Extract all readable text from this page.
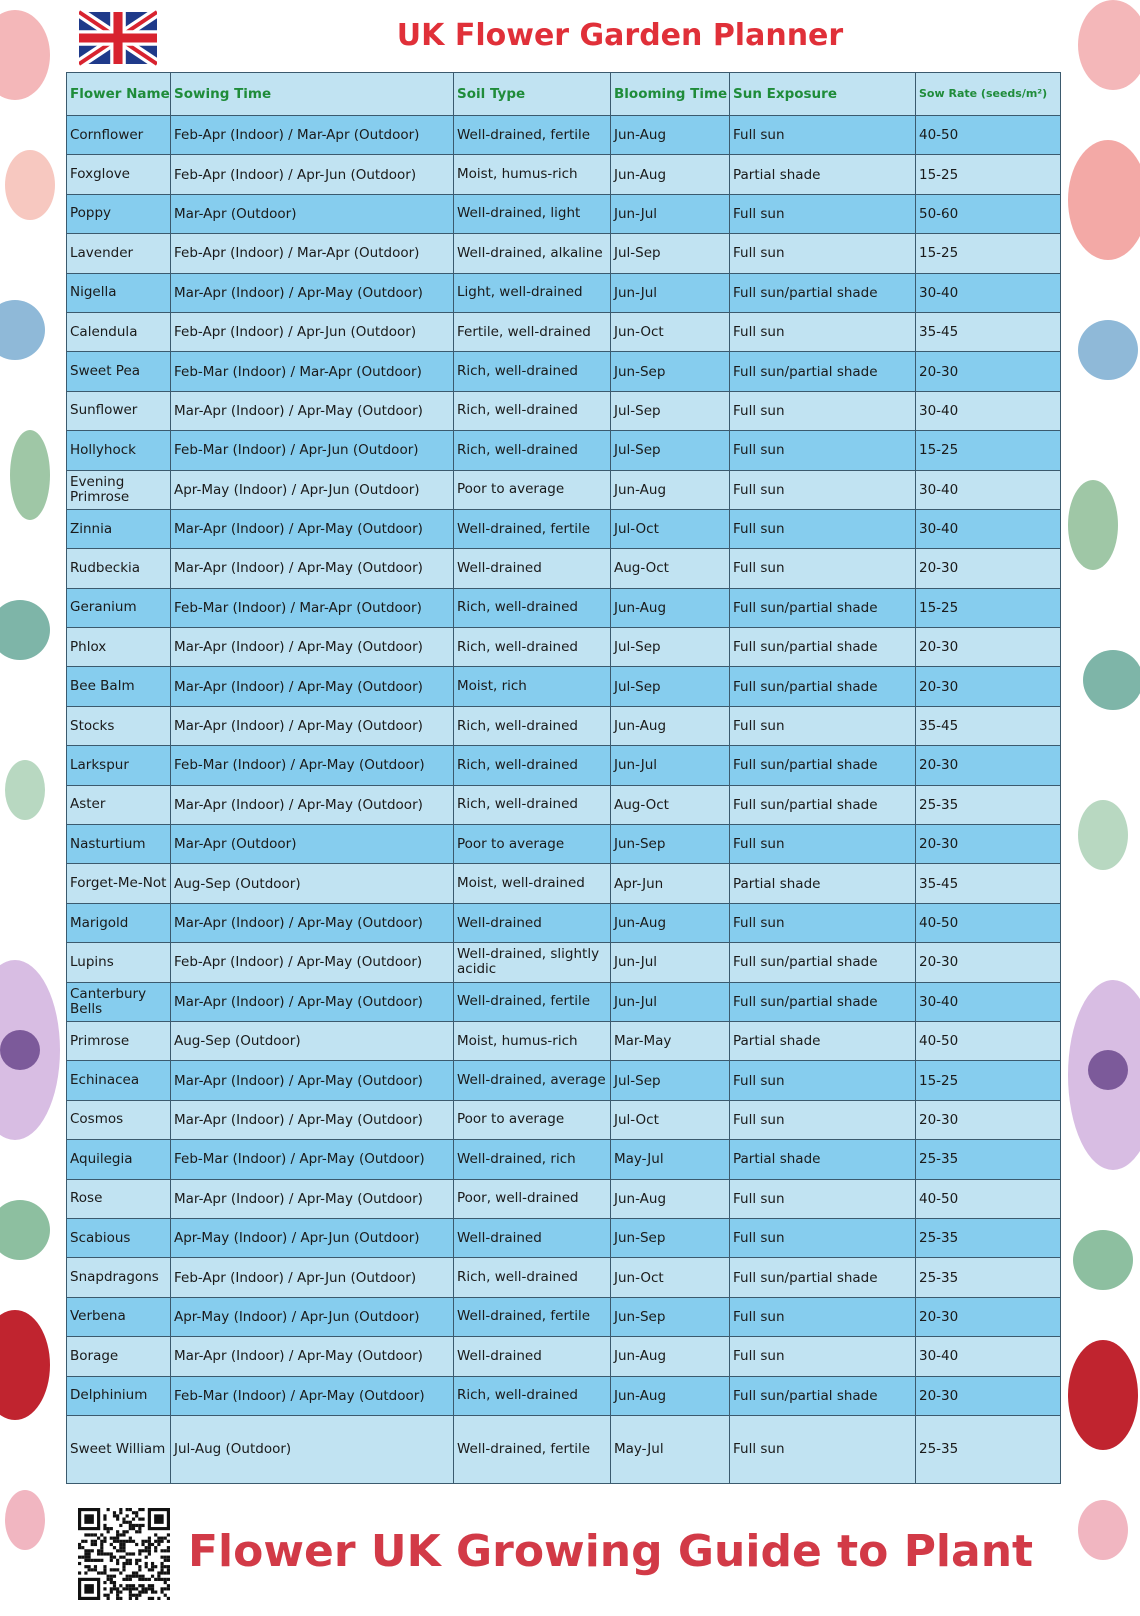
UK Flower Garden Planner
Flower Name	Sowing Time	Soil Type	Blooming Time	Sun Exposure	Sow Rate (seeds/m²)
Cornflower	Feb-Apr (Indoor) / Mar-Apr (Outdoor)	Well-drained, fertile	Jun-Aug	Full sun	40-50
Foxglove	Feb-Apr (Indoor) / Apr-Jun (Outdoor)	Moist, humus-rich	Jun-Aug	Partial shade	15-25
Poppy	Mar-Apr (Outdoor)	Well-drained, light	Jun-Jul	Full sun	50-60
Lavender	Feb-Apr (Indoor) / Mar-Apr (Outdoor)	Well-drained, alkaline	Jul-Sep	Full sun	15-25
Nigella	Mar-Apr (Indoor) / Apr-May (Outdoor)	Light, well-drained	Jun-Jul	Full sun/partial shade	30-40
Calendula	Feb-Apr (Indoor) / Apr-Jun (Outdoor)	Fertile, well-drained	Jun-Oct	Full sun	35-45
Sweet Pea	Feb-Mar (Indoor) / Mar-Apr (Outdoor)	Rich, well-drained	Jun-Sep	Full sun/partial shade	20-30
Sunflower	Mar-Apr (Indoor) / Apr-May (Outdoor)	Rich, well-drained	Jul-Sep	Full sun	30-40
Hollyhock	Feb-Mar (Indoor) / Apr-Jun (Outdoor)	Rich, well-drained	Jul-Sep	Full sun	15-25
Evening Primrose	Apr-May (Indoor) / Apr-Jun (Outdoor)	Poor to average	Jun-Aug	Full sun	30-40
Zinnia	Mar-Apr (Indoor) / Apr-May (Outdoor)	Well-drained, fertile	Jul-Oct	Full sun	30-40
Rudbeckia	Mar-Apr (Indoor) / Apr-May (Outdoor)	Well-drained	Aug-Oct	Full sun	20-30
Geranium	Feb-Mar (Indoor) / Mar-Apr (Outdoor)	Rich, well-drained	Jun-Aug	Full sun/partial shade	15-25
Phlox	Mar-Apr (Indoor) / Apr-May (Outdoor)	Rich, well-drained	Jul-Sep	Full sun/partial shade	20-30
Bee Balm	Mar-Apr (Indoor) / Apr-May (Outdoor)	Moist, rich	Jul-Sep	Full sun/partial shade	20-30
Stocks	Mar-Apr (Indoor) / Apr-May (Outdoor)	Rich, well-drained	Jun-Aug	Full sun	35-45
Larkspur	Feb-Mar (Indoor) / Apr-May (Outdoor)	Rich, well-drained	Jun-Jul	Full sun/partial shade	20-30
Aster	Mar-Apr (Indoor) / Apr-May (Outdoor)	Rich, well-drained	Aug-Oct	Full sun/partial shade	25-35
Nasturtium	Mar-Apr (Outdoor)	Poor to average	Jun-Sep	Full sun	20-30
Forget-Me-Not	Aug-Sep (Outdoor)	Moist, well-drained	Apr-Jun	Partial shade	35-45
Marigold	Mar-Apr (Indoor) / Apr-May (Outdoor)	Well-drained	Jun-Aug	Full sun	40-50
Lupins	Feb-Apr (Indoor) / Apr-May (Outdoor)	Well-drained, slightly acidic	Jun-Jul	Full sun/partial shade	20-30
Canterbury Bells	Mar-Apr (Indoor) / Apr-May (Outdoor)	Well-drained, fertile	Jun-Jul	Full sun/partial shade	30-40
Primrose	Aug-Sep (Outdoor)	Moist, humus-rich	Mar-May	Partial shade	40-50
Echinacea	Mar-Apr (Indoor) / Apr-May (Outdoor)	Well-drained, average	Jul-Sep	Full sun	15-25
Cosmos	Mar-Apr (Indoor) / Apr-May (Outdoor)	Poor to average	Jul-Oct	Full sun	20-30
Aquilegia	Feb-Mar (Indoor) / Apr-May (Outdoor)	Well-drained, rich	May-Jul	Partial shade	25-35
Rose	Mar-Apr (Indoor) / Apr-May (Outdoor)	Poor, well-drained	Jun-Aug	Full sun	40-50
Scabious	Apr-May (Indoor) / Apr-Jun (Outdoor)	Well-drained	Jun-Sep	Full sun	25-35
Snapdragons	Feb-Apr (Indoor) / Apr-Jun (Outdoor)	Rich, well-drained	Jun-Oct	Full sun/partial shade	25-35
Verbena	Apr-May (Indoor) / Apr-Jun (Outdoor)	Well-drained, fertile	Jun-Sep	Full sun	20-30
Borage	Mar-Apr (Indoor) / Apr-May (Outdoor)	Well-drained	Jun-Aug	Full sun	30-40
Delphinium	Feb-Mar (Indoor) / Apr-May (Outdoor)	Rich, well-drained	Jun-Aug	Full sun/partial shade	20-30
Sweet William	Jul-Aug (Outdoor)	Well-drained, fertile	May-Jul	Full sun	25-35
Flower UK Growing Guide to Plant
